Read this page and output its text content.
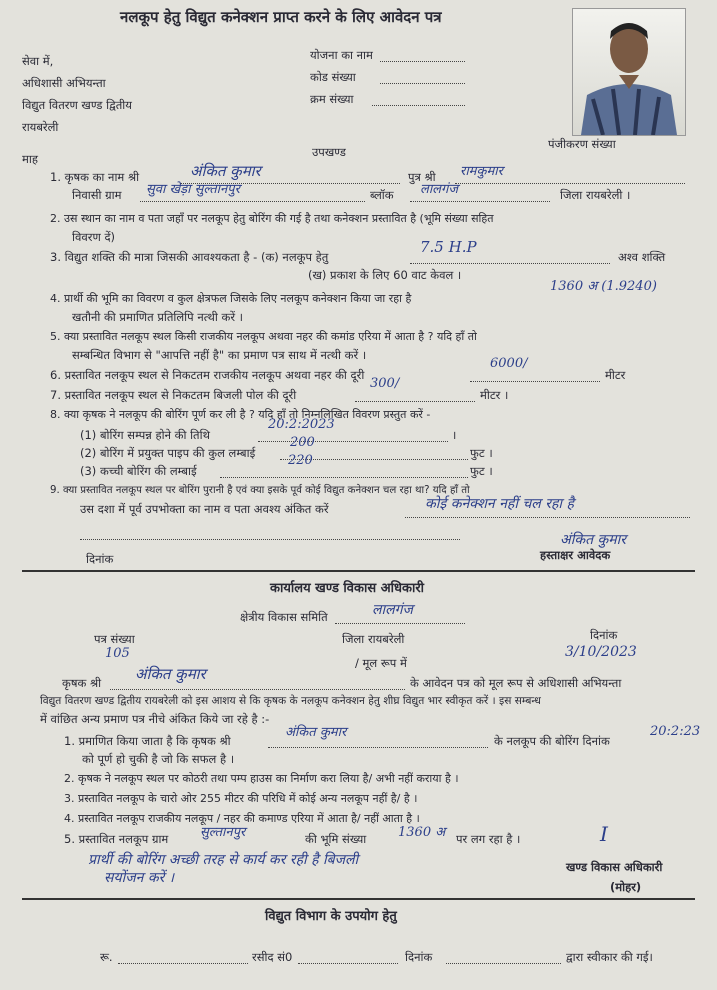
नलकूप हेतु विद्युत कनेक्शन प्राप्त करने के लिए आवेदन पत्र
सेवा में,
अधिशासी अभियन्ता
विद्युत वितरण खण्ड द्वितीय
रायबरेली
योजना का नाम
कोड संख्या
क्रम संख्या
उपखण्ड
पंजीकरण संख्या
माह
1. कृषक का नाम श्री	अंकित कुमार	पुत्र श्री रामकुमार
निवासी ग्राम सुवा खेड़ा सुल्तानपुर	ब्लॉक लालगंज	जिला रायबरेली ।
2. उस स्थान का नाम व पता जहाँ पर नलकूप हेतु बोरिंग की गई है तथा कनेक्शन प्रस्तावित है (भूमि संख्या सहित
विवरण दें)
3. विद्युत शक्ति की मात्रा जिसकी आवश्यकता है - (क) नलकूप हेतु
7.5 H.P
अश्व शक्ति
(ख) प्रकाश के लिए 60 वाट केवल ।
4. प्रार्थी की भूमि का विवरण व कुल क्षेत्रफल जिसके लिए नलकूप कनेक्शन किया जा रहा है
1360 अ (1.9240)
खतौनी की प्रमाणित प्रतिलिपि नत्थी करें ।
5. क्या प्रस्तावित नलकूप स्थल किसी राजकीय नलकूप अथवा नहर की कमांड एरिया में आता है ? यदि हाँ तो
सम्बन्धित विभाग से "आपत्ति नहीं है" का प्रमाण पत्र साथ में नत्थी करें ।
6. प्रस्तावित नलकूप स्थल से निकटतम राजकीय नलकूप अथवा नहर की दूरी
6000/
मीटर
7. प्रस्तावित नलकूप स्थल से निकटतम बिजली पोल की दूरी
300/
मीटर ।
8. क्या कृषक ने नलकूप की बोरिंग पूर्ण कर ली है ? यदि हाँ तो निम्नलिखित विवरण प्रस्तुत करें -
(1) बोरिंग सम्पन्न होने की तिथि
20:2:2023
।
(2) बोरिंग में प्रयुक्त पाइप की कुल लम्बाई
200
फुट ।
(3) कच्ची बोरिंग की लम्बाई
220
फुट ।
9. क्या प्रस्तावित नलकूप स्थल पर बोरिंग पुरानी है एवं क्या इसके पूर्व कोई विद्युत कनेक्शन चल रहा था? यदि हाँ तो
उस दशा में पूर्व उपभोक्ता का नाम व पता अवश्य अंकित करें	कोई कनेक्शन नहीं चल रहा है
दिनांक
अंकित कुमार
हस्ताक्षर आवेदक
कार्यालय खण्ड विकास अधिकारी
क्षेत्रीय विकास समिति	लालगंज
पत्र संख्या
105
जिला रायबरेली	दिनांक
3/10/2023
/ मूल रूप में
कृषक श्री अंकित कुमार	के आवेदन पत्र को मूल रूप से अधिशासी अभियन्ता
विद्युत वितरण खण्ड द्वितीय रायबरेली को इस आशय से कि कृषक के नलकूप कनेक्शन हेतु शीघ्र विद्युत भार स्वीकृत करें । इस सम्बन्ध
में वांछित अन्य प्रमाण पत्र नीचे अंकित किये जा रहे है :-
1. प्रमाणित किया जाता है कि कृषक श्री
अंकित कुमार
के नलकूप की बोरिंग दिनांक
20:2:23
को पूर्ण हो चुकी है जो कि सफल है ।
2. कृषक ने नलकूप स्थल पर कोठरी तथा पम्प हाउस का निर्माण करा लिया है/ अभी नहीं कराया है ।
3. प्रस्तावित नलकूप के चारो ओर 255 मीटर की परिधि में कोई अन्य नलकूप नहीं है/ है ।
4. प्रस्तावित नलकूप राजकीय नलकूप / नहर की कमाण्ड एरिया में आता है/ नहीं आता है ।
5. प्रस्तावित नलकूप ग्राम सुल्तानपुर	की भूमि संख्या 1360 अ पर लग रहा है ।
प्रार्थी की बोरिंग अच्छी तरह से कार्य कर रही है बिजली
सयोंजन करें ।
I
खण्ड विकास अधिकारी
(मोहर)
विद्युत विभाग के उपयोग हेतु
रू.	रसीद सं0	दिनांक	द्वारा स्वीकार की गई।
